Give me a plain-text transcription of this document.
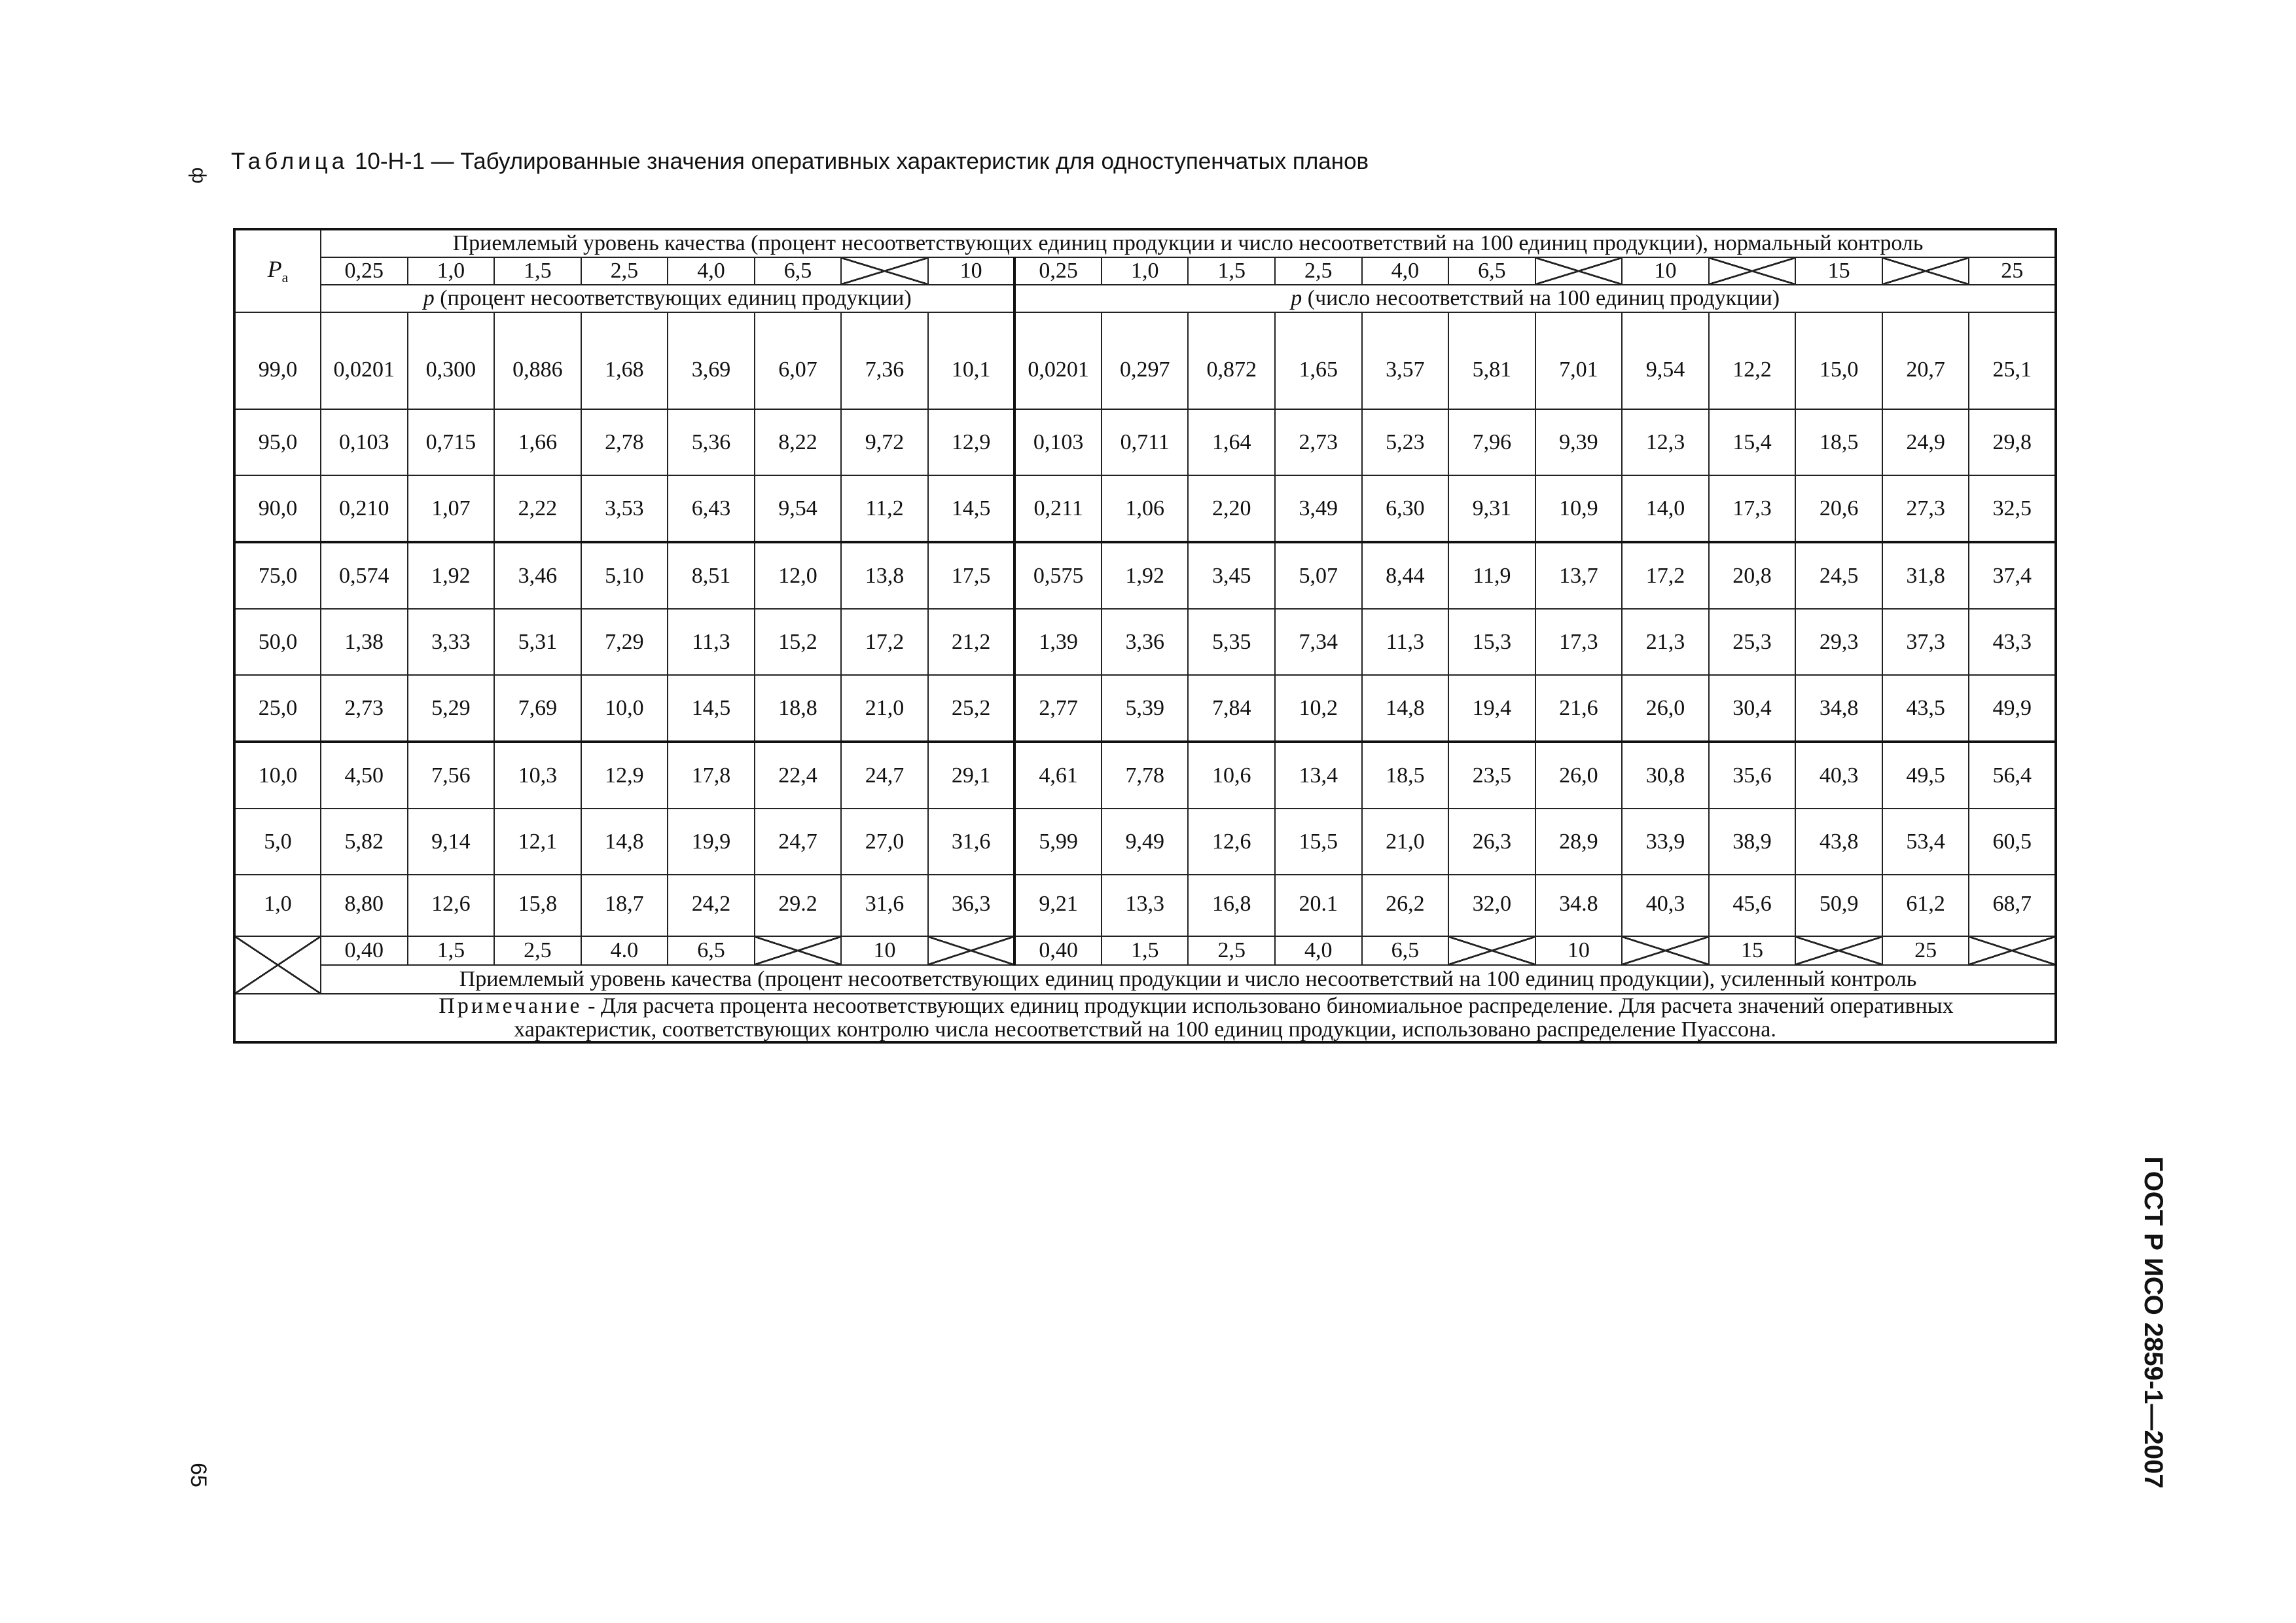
ф
Таблица 10-Н-1 — Табулированные значения оперативных характеристик для одноступенчатых планов
$P_a$	Приемлемый уровень качества (процент несоответствующих единиц продукции и число несоответствий на 100 единиц продукции), нормальный контроль																			
	0,25	1,0	1,5	2,5	4,0	6,5		10	0,25	1,0	1,5	2,5	4,0	6,5		10		15		25
	p (процент несоответствующих единиц продукции)								p (число несоответствий на 100 единиц продукции)											
99,0	0,0201	0,300	0,886	1,68	3,69	6,07	7,36	10,1	0,0201	0,297	0,872	1,65	3,57	5,81	7,01	9,54	12,2	15,0	20,7	25,1
95,0	0,103	0,715	1,66	2,78	5,36	8,22	9,72	12,9	0,103	0,711	1,64	2,73	5,23	7,96	9,39	12,3	15,4	18,5	24,9	29,8
90,0	0,210	1,07	2,22	3,53	6,43	9,54	11,2	14,5	0,211	1,06	2,20	3,49	6,30	9,31	10,9	14,0	17,3	20,6	27,3	32,5
75,0	0,574	1,92	3,46	5,10	8,51	12,0	13,8	17,5	0,575	1,92	3,45	5,07	8,44	11,9	13,7	17,2	20,8	24,5	31,8	37,4
50,0	1,38	3,33	5,31	7,29	11,3	15,2	17,2	21,2	1,39	3,36	5,35	7,34	11,3	15,3	17,3	21,3	25,3	29,3	37,3	43,3
25,0	2,73	5,29	7,69	10,0	14,5	18,8	21,0	25,2	2,77	5,39	7,84	10,2	14,8	19,4	21,6	26,0	30,4	34,8	43,5	49,9
10,0	4,50	7,56	10,3	12,9	17,8	22,4	24,7	29,1	4,61	7,78	10,6	13,4	18,5	23,5	26,0	30,8	35,6	40,3	49,5	56,4
5,0	5,82	9,14	12,1	14,8	19,9	24,7	27,0	31,6	5,99	9,49	12,6	15,5	21,0	26,3	28,9	33,9	38,9	43,8	53,4	60,5
1,0	8,80	12,6	15,8	18,7	24,2	29.2	31,6	36,3	9,21	13,3	16,8	20.1	26,2	32,0	34.8	40,3	45,6	50,9	61,2	68,7
	0,40	1,5	2,5	4.0	6,5		10		0,40	1,5	2,5	4,0	6,5		10		15		25	
	Приемлемый уровень качества (процент несоответствующих единиц продукции и число несоответствий на 100 единиц продукции), усиленный контроль																			

Примечание - Для расчета процента несоответствующих единиц продукции использовано биномиальное распределение. Для расчета значений оперативных
характеристик, соответствующих контролю числа несоответствий на 100 единиц продукции, использовано распределение Пуассона.																				
65	ГОСТ Р ИСО 2859-1—2007
